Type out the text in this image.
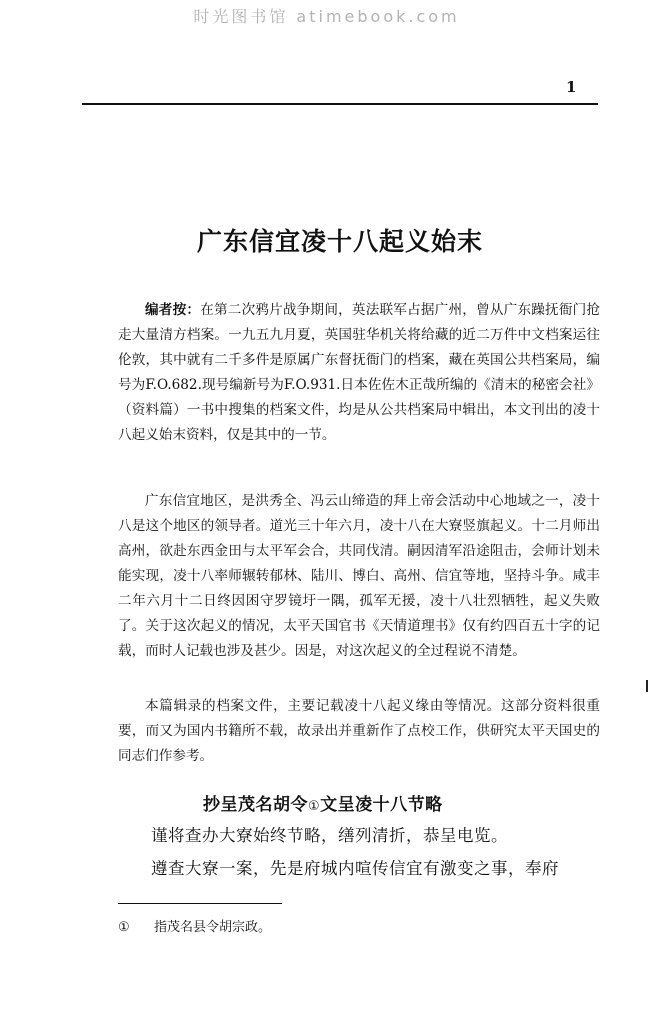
时光图书馆 atimebook.com
1
广东信宜凌十八起义始末

编者按：在第二次鸦片战争期间，英法联军占据广州，曾从广东躁抚衙门抢走大量清方档案。一九五九月夏，英国驻华机关将给藏的近二万件中文档案运往伦敦，其中就有二千多件是原属广东督抚衙门的档案，藏在英国公共档案局，编号为F.O.682.现号编新号为F.O.931.日本佐佐木正哉所编的《清末的秘密会社》（资料篇）一书中搜集的档案文件，均是从公共档案局中辑出，本文刊出的凌十八起义始末资料，仅是其中的一节。

广东信宜地区，是洪秀全、冯云山缔造的拜上帝会活动中心地域之一，凌十八是这个地区的领导者。道光三十年六月，凌十八在大寮竖旗起义。十二月师出高州，欲赴东西金田与太平军会合，共同伐清。嗣因清军沿途阻击，会师计划未能实现，凌十八率师辗转郁林、陆川、博白、高州、信宜等地，坚持斗争。咸丰二年六月十二日终因困守罗镜圩一隅，孤军无援，凌十八壮烈牺牲，起义失败了。关于这次起义的情况，太平天国官书《天情道理书》仅有约四百五十字的记载，而时人记载也涉及甚少。因是，对这次起义的全过程说不清楚。

本篇辑录的档案文件，主要记载凌十八起义缘由等情况。这部分资料很重要，而又为国内书籍所不载，故录出并重新作了点校工作，供研究太平天国史的同志们作参考。

抄呈茂名胡令①文呈凌十八节略

谨将查办大寮始终节略，缮列清折，恭呈电览。

遵查大寮一案，先是府城内喧传信宜有激变之事，奉府

① 指茂名县令胡宗政。
